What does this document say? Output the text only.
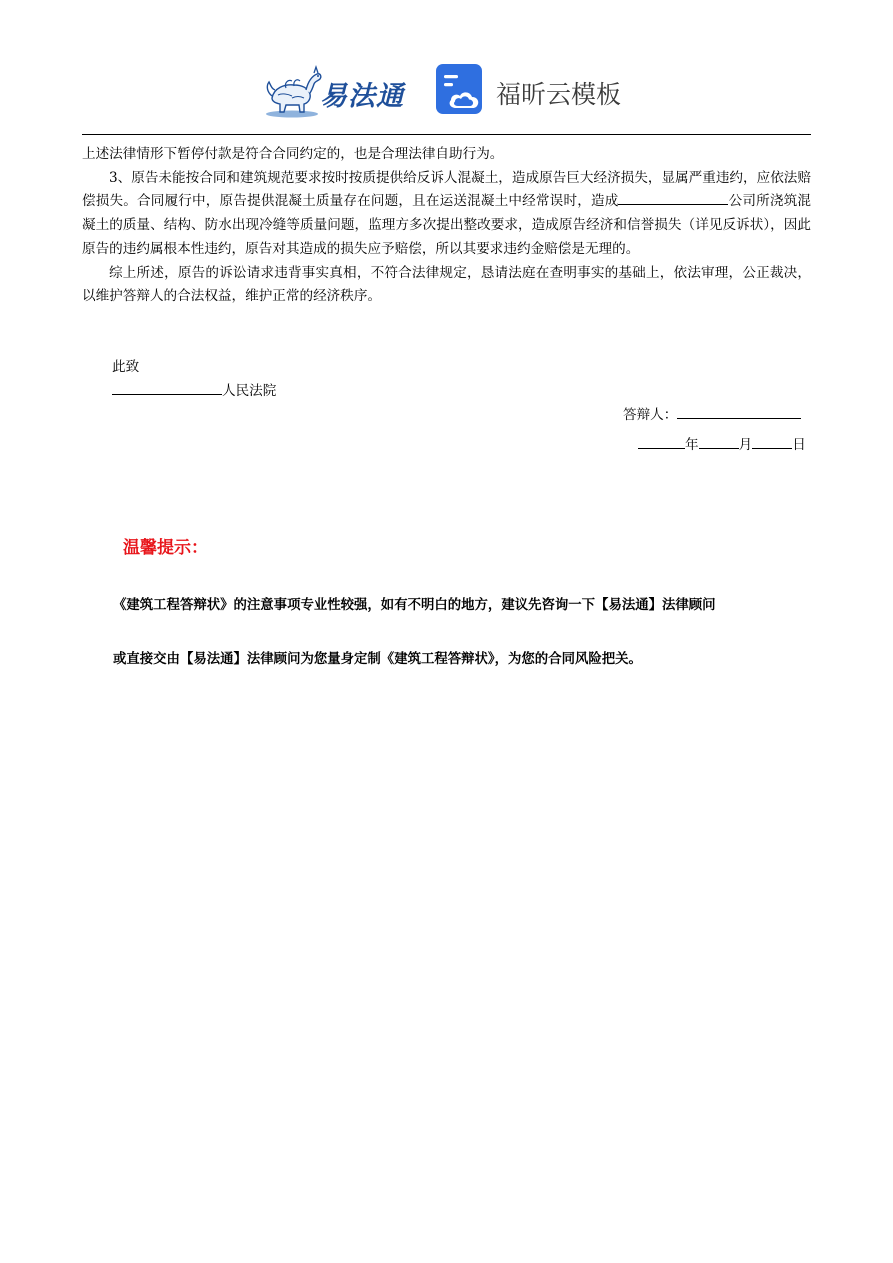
易法通	福昕云模板

上述法律情形下暂停付款是符合合同约定的，也是合理法律自助行为。

3、原告未能按合同和建筑规范要求按时按质提供给反诉人混凝土，造成原告巨大经济损失，显属严重违约，应依法赔偿损失。合同履行中，原告提供混凝土质量存在问题，且在运送混凝土中经常误时，造成	公司所浇筑混凝土的质量、结构、防水出现冷缝等质量问题，监理方多次提出整改要求，造成原告经济和信誉损失（详见反诉状），因此原告的违约属根本性违约，原告对其造成的损失应予赔偿，所以其要求违约金赔偿是无理的。

综上所述，原告的诉讼请求违背事实真相，不符合法律规定，恳请法庭在查明事实的基础上，依法审理，公正裁决，以维护答辩人的合法权益，维护正常的经济秩序。

此致
人民法院
答辩人：
年	月	日
温馨提示：
《建筑工程答辩状》的注意事项专业性较强，如有不明白的地方，建议先咨询一下【易法通】法律顾问
或直接交由【易法通】法律顾问为您量身定制《建筑工程答辩状》，为您的合同风险把关。
